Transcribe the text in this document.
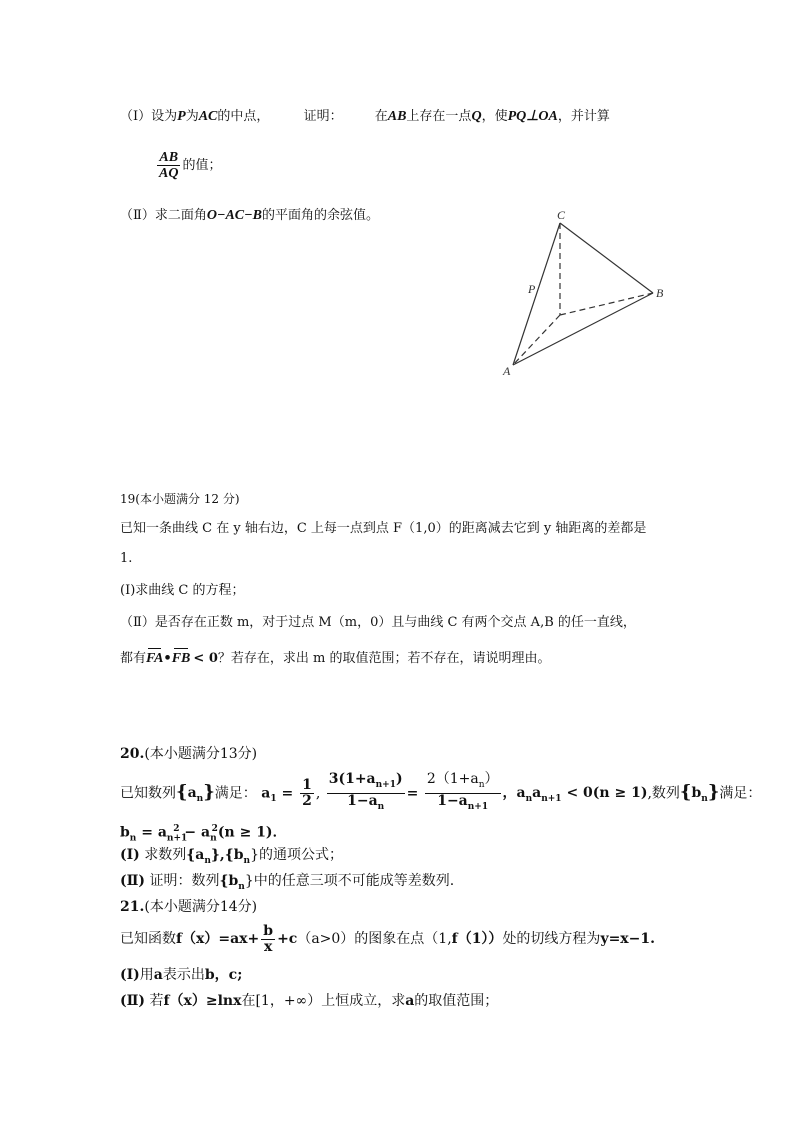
（Ⅰ）设为P为AC的中点，	证明： 在AB上存在一点Q，使PQ⊥OA，并计算
$\frac{AB}{AQ}$ 的值；
（Ⅱ）求二面角O−AC−B的平面角的余弦值。	C
B
A
P
19(本小题满分 12 分)
已知一条曲线 C 在 y 轴右边，C 上每一点到点 F（1,0）的距离减去它到 y 轴距离的差都是
1.
(Ⅰ)求曲线 C 的方程；
（Ⅱ）是否存在正数 m，对于过点 M（m，0）且与曲线 C 有两个交点 A,B 的任一直线，
都有FA•FB < 0？若存在，求出 m 的取值范围；若不存在，请说明理由。
20.(本小题满分13分)
已知数列$\{a_n\}$满足： $a_1 = \frac{1}{2}$ , $\frac{3(1+a_{n+1})}{1-a_n} = \frac{2(1+a_n)}{1-a_{n+1}}$ ，$a_na_{n+1} < 0(n \ge 1)$,数列$\{b_n\}$满足：
$b_n = a_{n+1}^2 - a_n^2(n \ge 1)$．
(Ⅰ) 求数列$\{a_n\},\{b_n\}$的通项公式；
(Ⅱ) 证明：数列$\{b_n\}$中的任意三项不可能成等差数列.
21.(本小题满分14分)
已知函数$f(x)=ax+ \frac{b}{x} +c(a>0)$的图象在点（1,f（1））处的切线方程为y=x−1.
(Ⅰ)用a表示出b，c;
(Ⅱ) 若f（x）≥lnx在[1，+∞）上恒成立，求a的取值范围；
